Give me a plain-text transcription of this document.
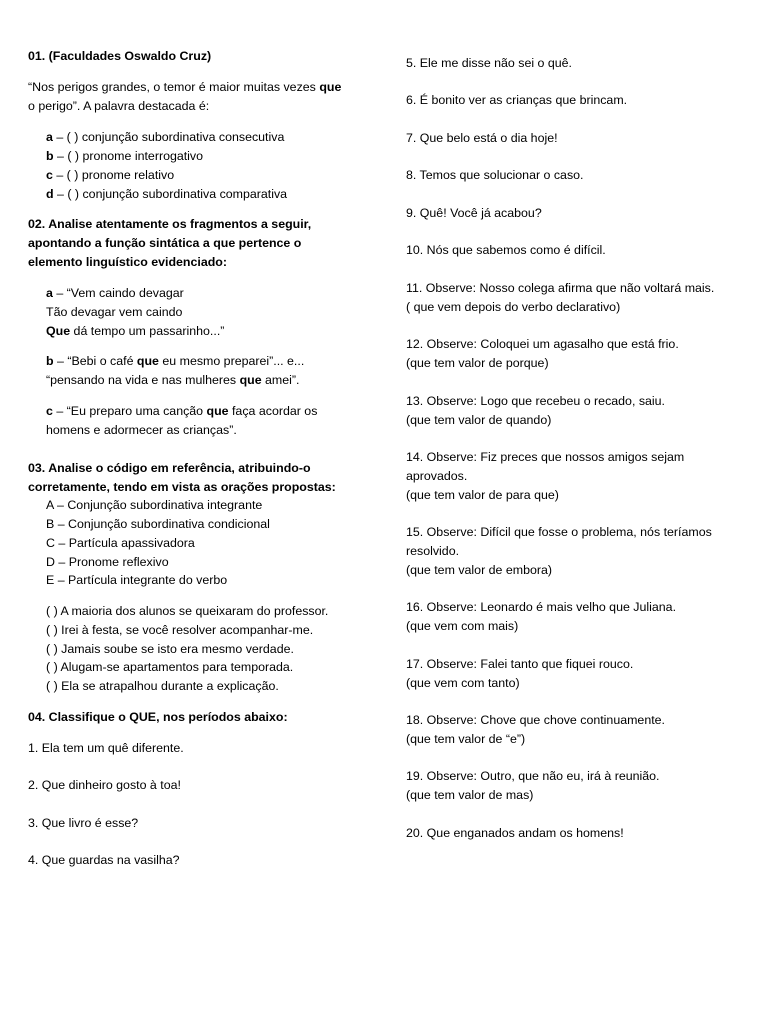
01. (Faculdades Oswaldo Cruz)
“Nos perigos grandes, o temor é maior muitas vezes que
o perigo”. A palavra destacada é:
a – ( ) conjunção subordinativa consecutiva
b – ( ) pronome interrogativo
c – ( ) pronome relativo
d – ( ) conjunção subordinativa comparativa
02. Analise atentamente os fragmentos a seguir,
apontando a função sintática a que pertence o
elemento linguístico evidenciado:
a – “Vem caindo devagar
Tão devagar vem caindo
Que dá tempo um passarinho...”
b – “Bebi o café que eu mesmo preparei”... e...
“pensando na vida e nas mulheres que amei”.
c – “Eu preparo uma canção que faça acordar os
homens e adormecer as crianças”.
03. Analise o código em referência, atribuindo-o
corretamente, tendo em vista as orações propostas:
A – Conjunção subordinativa integrante
B – Conjunção subordinativa condicional
C – Partícula apassivadora
D – Pronome reflexivo
E – Partícula integrante do verbo
( ) A maioria dos alunos se queixaram do professor.
( ) Irei à festa, se você resolver acompanhar-me.
( ) Jamais soube se isto era mesmo verdade.
( ) Alugam-se apartamentos para temporada.
( ) Ela se atrapalhou durante a explicação.
04. Classifique o QUE, nos períodos abaixo:
1. Ela tem um quê diferente.
2. Que dinheiro gosto à toa!
3. Que livro é esse?
4. Que guardas na vasilha?
5. Ele me disse não sei o quê.
6. É bonito ver as crianças que brincam.
7. Que belo está o dia hoje!
8. Temos que solucionar o caso.
9. Quê! Você já acabou?
10. Nós que sabemos como é difícil.
11. Observe: Nosso colega afirma que não voltará mais.
( que vem depois do verbo declarativo)
12. Observe: Coloquei um agasalho que está frio.
(que tem valor de porque)
13. Observe: Logo que recebeu o recado, saiu.
(que tem valor de quando)
14. Observe: Fiz preces que nossos amigos sejam
aprovados.
(que tem valor de para que)
15. Observe: Difícil que fosse o problema, nós teríamos
resolvido.
(que tem valor de embora)
16. Observe: Leonardo é mais velho que Juliana.
(que vem com mais)
17. Observe: Falei tanto que fiquei rouco.
(que vem com tanto)
18. Observe: Chove que chove continuamente.
(que tem valor de “e”)
19. Observe: Outro, que não eu, irá à reunião.
(que tem valor de mas)
20. Que enganados andam os homens!
